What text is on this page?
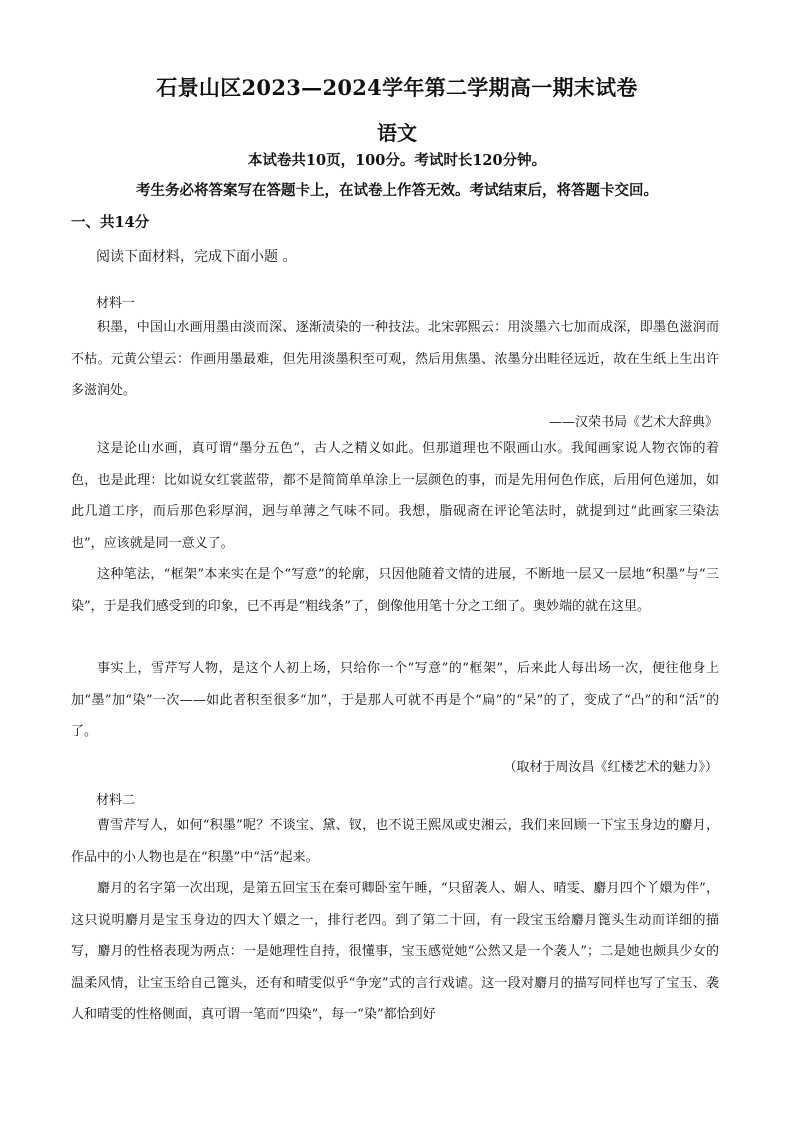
石景山区2023—2024学年第二学期高一期末试卷
语文
本试卷共10页，100分。考试时长120分钟。
考生务必将答案写在答题卡上，在试卷上作答无效。考试结束后，将答题卡交回。
一、共14分
阅读下面材料，完成下面小题 。
材料一

积墨，中国山水画用墨由淡而深、逐渐渍染的一种技法。北宋郭熙云：用淡墨六七加而成深，即墨色滋润而不枯。元黄公望云：作画用墨最难，但先用淡墨积至可观，然后用焦墨、浓墨分出畦径远近，故在生纸上生出许多滋润处。

——汉荣书局《艺术大辞典》

这是论山水画，真可谓“墨分五色”，古人之精义如此。但那道理也不限画山水。我闻画家说人物衣饰的着色，也是此理：比如说女红裳蓝带，都不是简简单单涂上一层颜色的事，而是先用何色作底，后用何色递加，如此几道工序，而后那色彩厚润，迥与单薄之气味不同。我想，脂砚斋在评论笔法时，就提到过“此画家三染法也”，应该就是同一意义了。

这种笔法，“框架”本来实在是个“写意”的轮廓，只因他随着文情的进展，不断地一层又一层地“积墨”与“三染”，于是我们感受到的印象，已不再是“粗线条”了，倒像他用笔十分之工细了。奥妙端的就在这里。

事实上，雪芹写人物，是这个人初上场，只给你一个“写意”的“框架”，后来此人每出场一次，便往他身上加“墨”加“染”一次——如此者积至很多“加”，于是那人可就不再是个“扁”的“呆”的了，变成了“凸”的和“活”的了。

（取材于周汝昌《红楼艺术的魅力》）
材料二

曹雪芹写人，如何“积墨”呢？不谈宝、黛、钗，也不说王熙凤或史湘云，我们来回顾一下宝玉身边的麝月，作品中的小人物也是在“积墨”中“活”起来。

麝月的名字第一次出现，是第五回宝玉在秦可卿卧室午睡，“只留袭人、媚人、晴雯、麝月四个丫嬛为伴”，这只说明麝月是宝玉身边的四大丫嬛之一，排行老四。到了第二十回，有一段宝玉给麝月篦头生动而详细的描写，麝月的性格表现为两点：一是她理性自持，很懂事，宝玉感觉她“公然又是一个袭人”；二是她也颇具少女的温柔风情，让宝玉给自己篦头，还有和晴雯似乎“争宠”式的言行戏谑。这一段对麝月的描写同样也写了宝玉、袭人和晴雯的性格侧面，真可谓一笔而“四染”，每一“染”都恰到好
